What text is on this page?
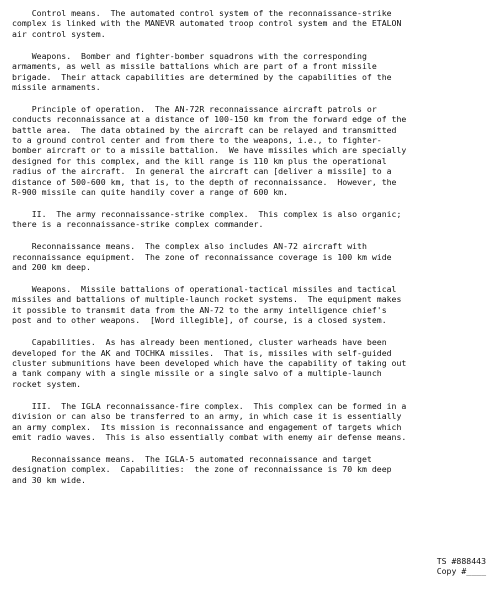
Control means.  The automated control system of the reconnaissance-strike
complex is linked with the MANEVR automated troop control system and the ETALON
air control system.

Weapons.  Bomber and fighter-bomber squadrons with the corresponding
armaments, as well as missile battalions which are part of a front missile
brigade.  Their attack capabilities are determined by the capabilities of the
missile armaments.

Principle of operation.  The AN-72R reconnaissance aircraft patrols or
conducts reconnaissance at a distance of 100-150 km from the forward edge of the
battle area.  The data obtained by the aircraft can be relayed and transmitted
to a ground control center and from there to the weapons, i.e., to fighter-
bomber aircraft or to a missile battalion.  We have missiles which are specially
designed for this complex, and the kill range is 110 km plus the operational
radius of the aircraft.  In general the aircraft can [deliver a missile] to a
distance of 500-600 km, that is, to the depth of reconnaissance.  However, the
R-900 missile can quite handily cover a range of 600 km.

II.  The army reconnaissance-strike complex.  This complex is also organic;
there is a reconnaissance-strike complex commander.

Reconnaissance means.  The complex also includes AN-72 aircraft with
reconnaissance equipment.  The zone of reconnaissance coverage is 100 km wide
and 200 km deep.

Weapons.  Missile battalions of operational-tactical missiles and tactical
missiles and battalions of multiple-launch rocket systems.  The equipment makes
it possible to transmit data from the AN-72 to the army intelligence chief's
post and to other weapons.  [Word illegible], of course, is a closed system.

Capabilities.  As has already been mentioned, cluster warheads have been
developed for the AK and TOCHKA missiles.  That is, missiles with self-guided
cluster submunitions have been developed which have the capability of taking out
a tank company with a single missile or a single salvo of a multiple-launch
rocket system.

III.  The IGLA reconnaissance-fire complex.  This complex can be formed in a
division or can also be transferred to an army, in which case it is essentially
an army complex.  Its mission is reconnaissance and engagement of targets which
emit radio waves.  This is also essentially combat with enemy air defense means.

Reconnaissance means.  The IGLA-5 automated reconnaissance and target
designation complex.  Capabilities:  the zone of reconnaissance is 70 km deep
and 30 km wide.

TS #888443
Copy #____
